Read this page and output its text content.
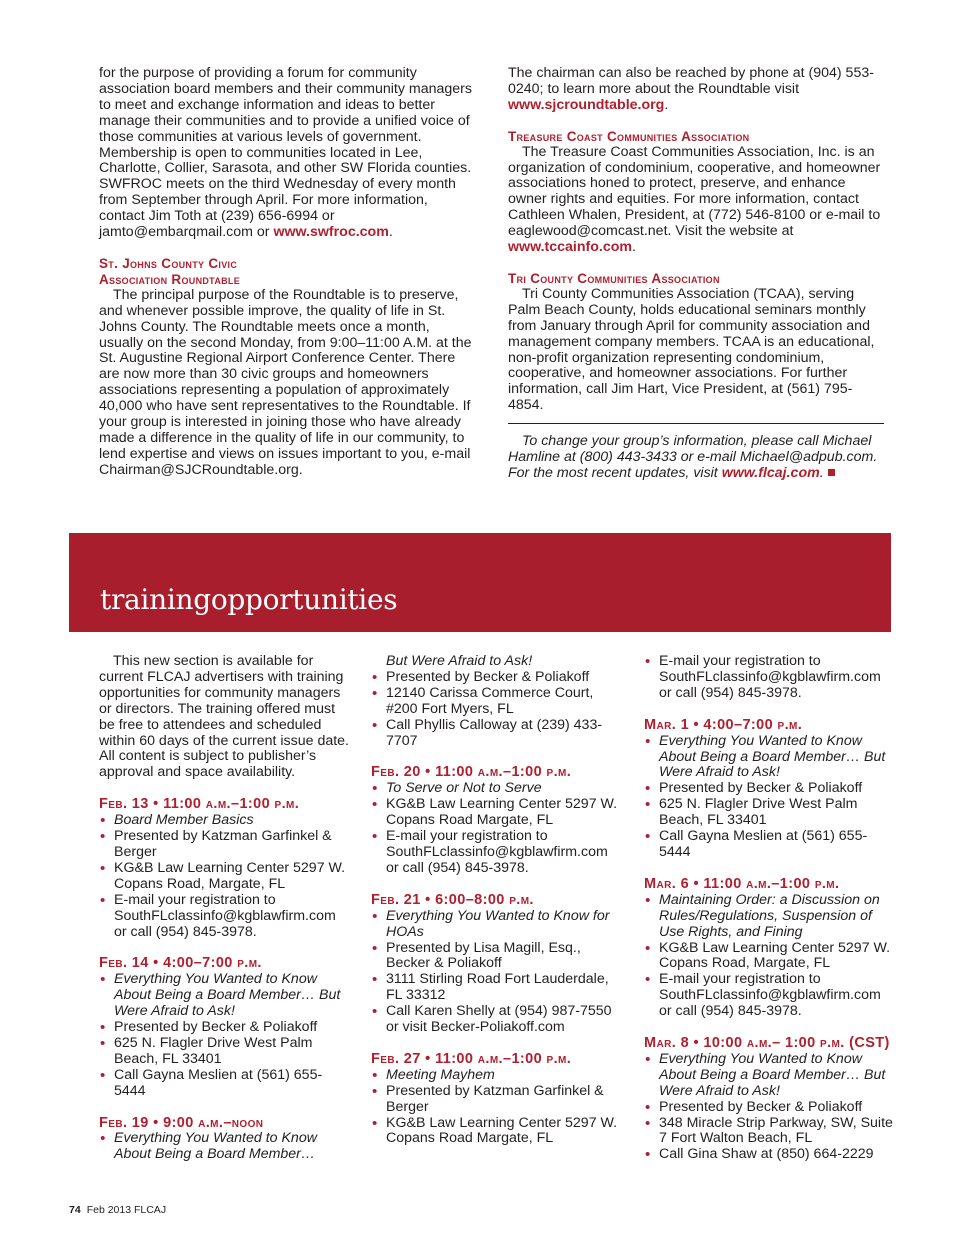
for the purpose of providing a forum for community association board members and their community managers to meet and exchange information and ideas to better manage their communities and to provide a unified voice of those communities at various levels of government. Membership is open to communities located in Lee, Charlotte, Collier, Sarasota, and other SW Florida counties. SWFROC meets on the third Wednesday of every month from September through April. For more information, contact Jim Toth at (239) 656-6994 or jamto@embarqmail.com or www.swfroc.com.

St. Johns County Civic
Association Roundtable

The principal purpose of the Roundtable is to preserve, and whenever possible improve, the quality of life in St. Johns County. The Roundtable meets once a month, usually on the second Monday, from 9:00–11:00 A.M. at the St. Augustine Regional Airport Conference Center. There are now more than 30 civic groups and homeowners associations representing a population of approximately 40,000 who have sent representatives to the Roundtable. If your group is interested in joining those who have already made a difference in the quality of life in our community, to lend expertise and views on issues important to you, e-mail Chairman@SJCRoundtable.org.

The chairman can also be reached by phone at (904) 553-0240; to learn more about the Roundtable visit www.sjcroundtable.org.

Treasure Coast Communities Association

The Treasure Coast Communities Association, Inc. is an organization of condominium, cooperative, and homeowner associations honed to protect, preserve, and enhance owner rights and equities. For more information, contact Cathleen Whalen, President, at (772) 546-8100 or e-mail to eaglewood@comcast.net. Visit the website at www.tccainfo.com.

Tri County Communities Association

Tri County Communities Association (TCAA), serving Palm Beach County, holds educational seminars monthly from January through April for community association and management company members. TCAA is an educational, non-profit organization representing condominium, cooperative, and homeowner associations. For further information, call Jim Hart, Vice President, at (561) 795-4854.

To change your group’s information, please call Michael Hamline at (800) 443-3433 or e-mail Michael@adpub.com. For the most recent updates, visit www.flcaj.com.

trainingopportunities

This new section is available for current FLCAJ advertisers with training opportunities for community managers or directors. The training offered must be free to attendees and scheduled within 60 days of the current issue date. All content is subject to publisher’s approval and space availability.

Feb. 13 • 11:00 a.m.–1:00 p.m.
• Board Member Basics
• Presented by Katzman Garfinkel & Berger
• KG&B Law Learning Center 5297 W. Copans Road, Margate, FL
• E-mail your registration to SouthFLclassinfo@kgblawfirm.com or call (954) 845-3978.
Feb. 14 • 4:00–7:00 p.m.
• Everything You Wanted to Know About Being a Board Member… But Were Afraid to Ask!
• Presented by Becker & Poliakoff
• 625 N. Flagler Drive West Palm Beach, FL 33401
• Call Gayna Meslien at (561) 655-5444
Feb. 19 • 9:00 a.m.–noon
• Everything You Wanted to Know About Being a Board Member…
But Were Afraid to Ask!
• Presented by Becker & Poliakoff
• 12140 Carissa Commerce Court, #200 Fort Myers, FL
• Call Phyllis Calloway at (239) 433-7707
Feb. 20 • 11:00 a.m.–1:00 p.m.
• To Serve or Not to Serve
• KG&B Law Learning Center 5297 W. Copans Road Margate, FL
• E-mail your registration to SouthFLclassinfo@kgblawfirm.com or call (954) 845-3978.
Feb. 21 • 6:00–8:00 p.m.
• Everything You Wanted to Know for HOAs
• Presented by Lisa Magill, Esq., Becker & Poliakoff
• 3111 Stirling Road Fort Lauderdale, FL 33312
• Call Karen Shelly at (954) 987-7550 or visit Becker-Poliakoff.com
Feb. 27 • 11:00 a.m.–1:00 p.m.
• Meeting Mayhem
• Presented by Katzman Garfinkel & Berger
• KG&B Law Learning Center 5297 W. Copans Road Margate, FL
• E-mail your registration to SouthFLclassinfo@kgblawfirm.com or call (954) 845-3978.
Mar. 1 • 4:00–7:00 p.m.
• Everything You Wanted to Know About Being a Board Member… But Were Afraid to Ask!
• Presented by Becker & Poliakoff
• 625 N. Flagler Drive West Palm Beach, FL 33401
• Call Gayna Meslien at (561) 655-5444
Mar. 6 • 11:00 a.m.–1:00 p.m.
• Maintaining Order: a Discussion on Rules/Regulations, Suspension of Use Rights, and Fining
• KG&B Law Learning Center 5297 W. Copans Road, Margate, FL
• E-mail your registration to SouthFLclassinfo@kgblawfirm.com or call (954) 845-3978.
Mar. 8 • 10:00 a.m.– 1:00 p.m. (CST)
• Everything You Wanted to Know About Being a Board Member… But Were Afraid to Ask!
• Presented by Becker & Poliakoff
• 348 Miracle Strip Parkway, SW, Suite 7 Fort Walton Beach, FL
• Call Gina Shaw at (850) 664-2229
74 Feb 2013 FLCAJ
